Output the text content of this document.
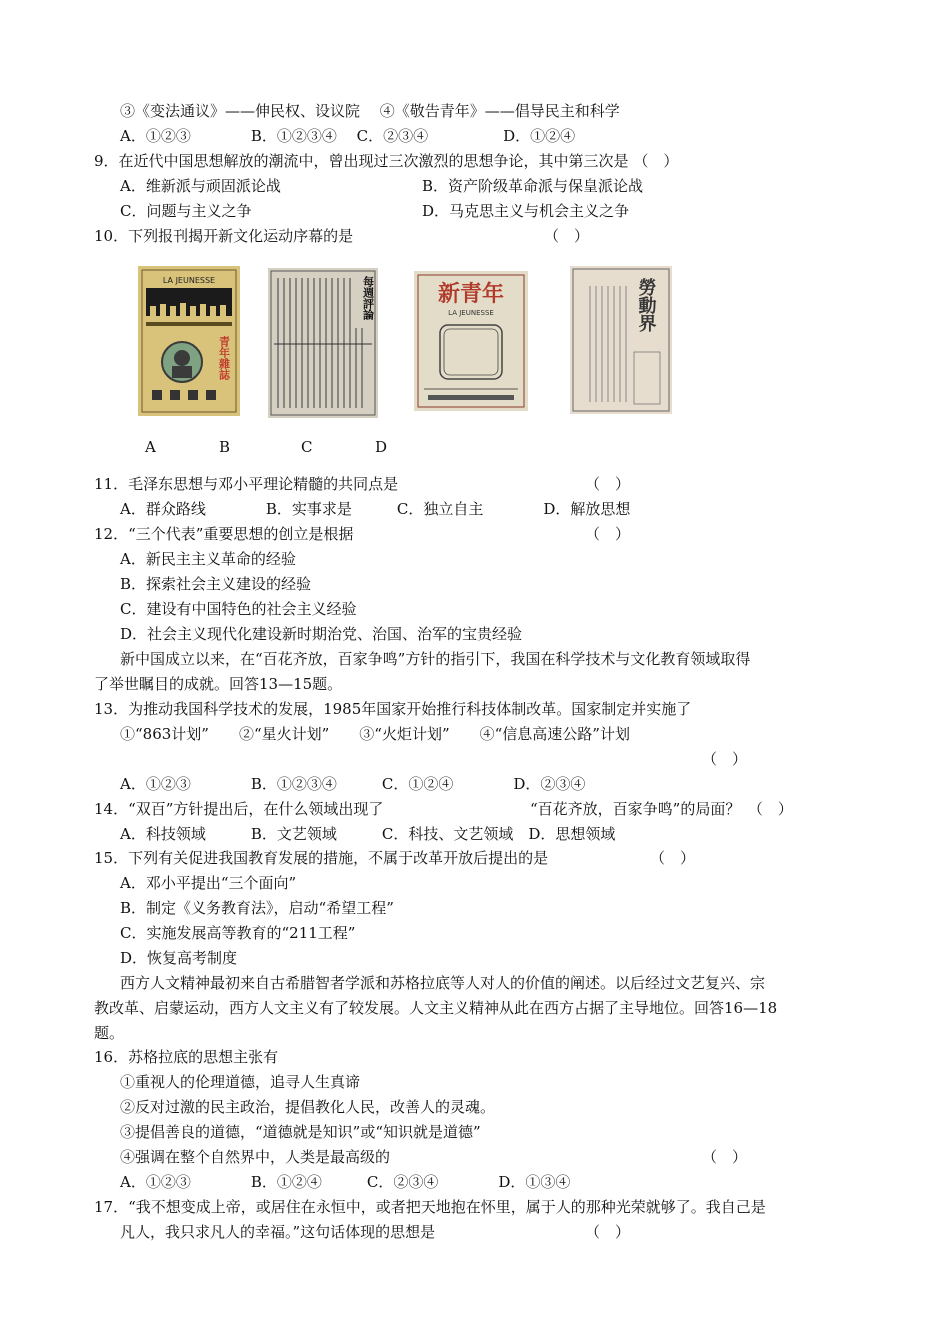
③《变法通议》——伸民权、设议院　 ④《敬告青年》——倡导民主和科学
A．①②③　　　　B．①②③④　 C．②③④　　　　　D．①②④
9．在近代中国思想解放的潮流中，曾出现过三次激烈的思想争论，其中第三次是 （　）
A．维新派与顽固派论战	B．资产阶级革命派与保皇派论战
C．问题与主义之争	D．马克思主义与机会主义之争
10．下列报刊揭开新文化运动序幕的是	（　）
LA JEUNESSE
青年雜誌
每週評論	新青年
LA JEUNESSE	勞動界
A	B	C	D
11．毛泽东思想与邓小平理论精髓的共同点是	（　）
A．群众路线　　　　B．实事求是　　　C．独立自主　　　　D．解放思想
12．“三个代表”重要思想的创立是根据	（　）
A．新民主主义革命的经验
B．探索社会主义建设的经验
C．建设有中国特色的社会主义经验
D．社会主义现代化建设新时期治党、治国、治军的宝贵经验
新中国成立以来，在“百花齐放，百家争鸣”方针的指引下，我国在科学技术与文化教育领域取得
了举世瞩目的成就。回答13—15题。
13．为推动我国科学技术的发展，1985年国家开始推行科技体制改革。国家制定并实施了
①“863计划”　　②“星火计划”　　③“火炬计划”　　④“信息高速公路”计划
（　）
A．①②③　　　　B．①②③④　　　C．①②④　　　　D．②③④
14．“双百”方针提出后，在什么领域出现了	“百花齐放，百家争鸣”的局面？　（　）
A．科技领域　　　B．文艺领域　　　C．科技、文艺领域　D．思想领域
15．下列有关促进我国教育发展的措施，不属于改革开放后提出的是	（　）
A．邓小平提出“三个面向”
B．制定《义务教育法》，启动“希望工程”
C．实施发展高等教育的“211工程”
D．恢复高考制度
西方人文精神最初来自古希腊智者学派和苏格拉底等人对人的价值的阐述。以后经过文艺复兴、宗
教改革、启蒙运动，西方人文主义有了较发展。人文主义精神从此在西方占据了主导地位。回答16—18
题。
16．苏格拉底的思想主张有
①重视人的伦理道德，追寻人生真谛
②反对过激的民主政治，提倡教化人民，改善人的灵魂。
③提倡善良的道德，“道德就是知识”或“知识就是道德”
④强调在整个自然界中，人类是最高级的	（　）
A．①②③　　　　B．①②④　　　C．②③④　　　　D．①③④
17．“我不想变成上帝，或居住在永恒中，或者把天地抱在怀里，属于人的那种光荣就够了。我自己是
凡人，我只求凡人的幸福。”这句话体现的思想是	（　）
